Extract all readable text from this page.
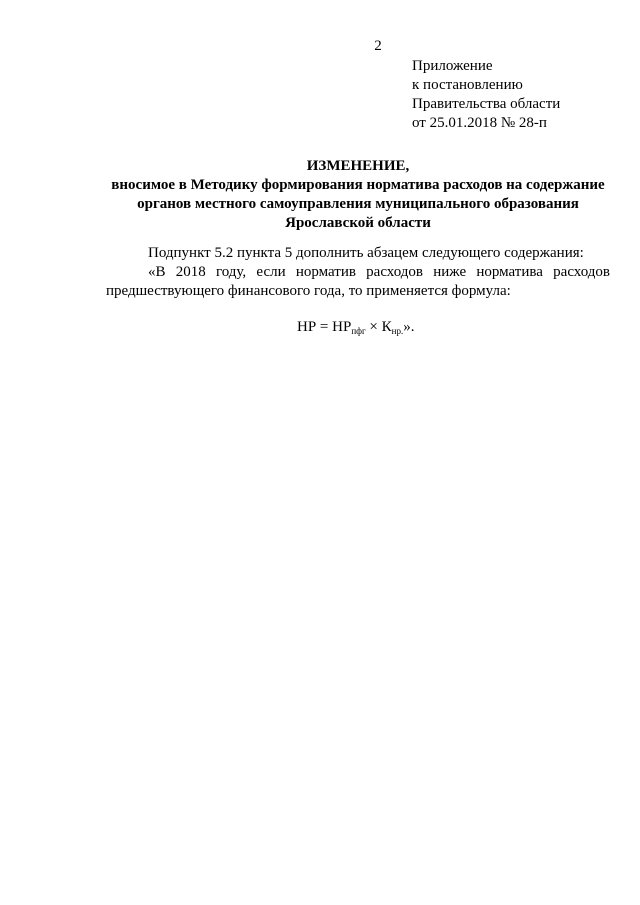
2
Приложение
к постановлению
Правительства области
от 25.01.2018 № 28-п
ИЗМЕНЕНИЕ,
вносимое в Методику формирования норматива расходов на содержание
органов местного самоуправления муниципального образования
Ярославской области
Подпункт 5.2 пункта 5 дополнить абзацем следующего содержания:
«В 2018 году, если норматив расходов ниже норматива расходов
предшествующего финансового года, то применяется формула:
НР = $НР_{пфг} \times К_{нр.}$».
